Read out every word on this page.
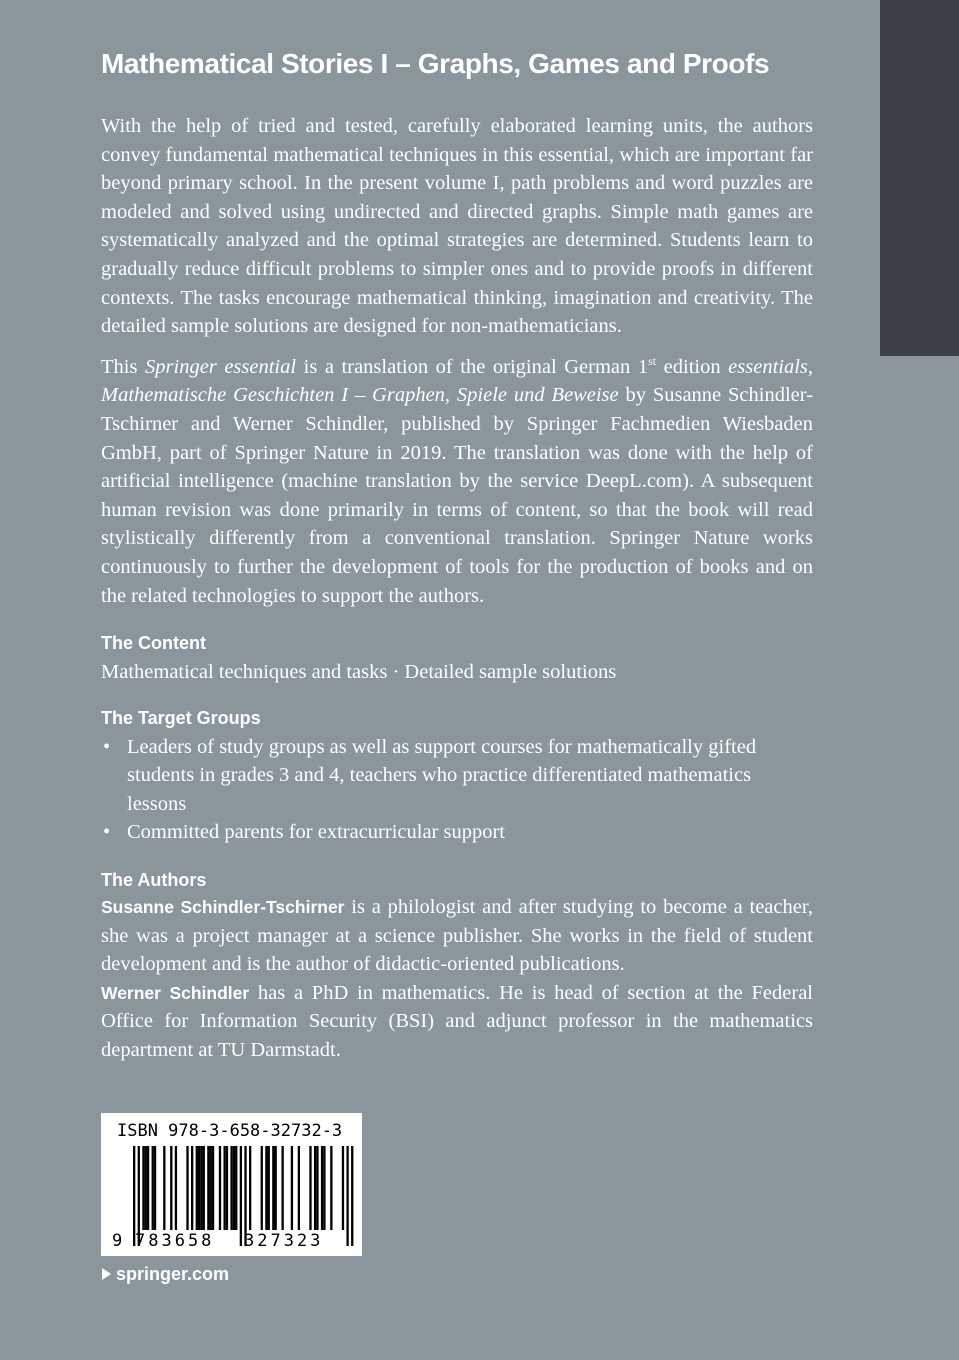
Mathematical Stories I – Graphs, Games and Proofs

With the help of tried and tested, carefully elaborated learning units, the authors convey fundamental mathematical techniques in this essential, which are important far beyond primary school. In the present volume I, path problems and word puzzles are modeled and solved using undirected and directed graphs. Simple math games are systematically analyzed and the optimal strategies are determined. Students learn to gradually reduce difficult problems to simpler ones and to provide proofs in different contexts. The tasks encourage mathematical thinking, imagination and creativity. The detailed sample solutions are designed for non-mathematicians.

This Springer essential is a translation of the original German 1st edition essentials, Mathematische Geschichten I – Graphen, Spiele und Beweise by Susanne Schindler-Tschirner and Werner Schindler, published by Springer Fachmedien Wiesbaden GmbH, part of Springer Nature in 2019. The translation was done with the help of artificial intelligence (machine translation by the service DeepL.com). A subsequent human revision was done primarily in terms of content, so that the book will read stylistically differently from a conventional translation. Springer Nature works continuously to further the development of tools for the production of books and on the related technologies to support the authors.

The Content

Mathematical techniques and tasks · Detailed sample solutions

The Target Groups
• Leaders of study groups as well as support courses for mathematically gifted students in grades 3 and 4, teachers who practice differentiated mathematics lessons
• Committed parents for extracurricular support
The Authors

Susanne Schindler-Tschirner is a philologist and after studying to become a teacher, she was a project manager at a science publisher. She works in the field of student development and is the author of didactic-oriented publications.

Werner Schindler has a PhD in mathematics. He is head of section at the Federal Office for Information Security (BSI) and adjunct professor in the mathematics department at TU Darmstadt.

ISBN 978-3-658-32732-3
9 783658 327323
springer.com
